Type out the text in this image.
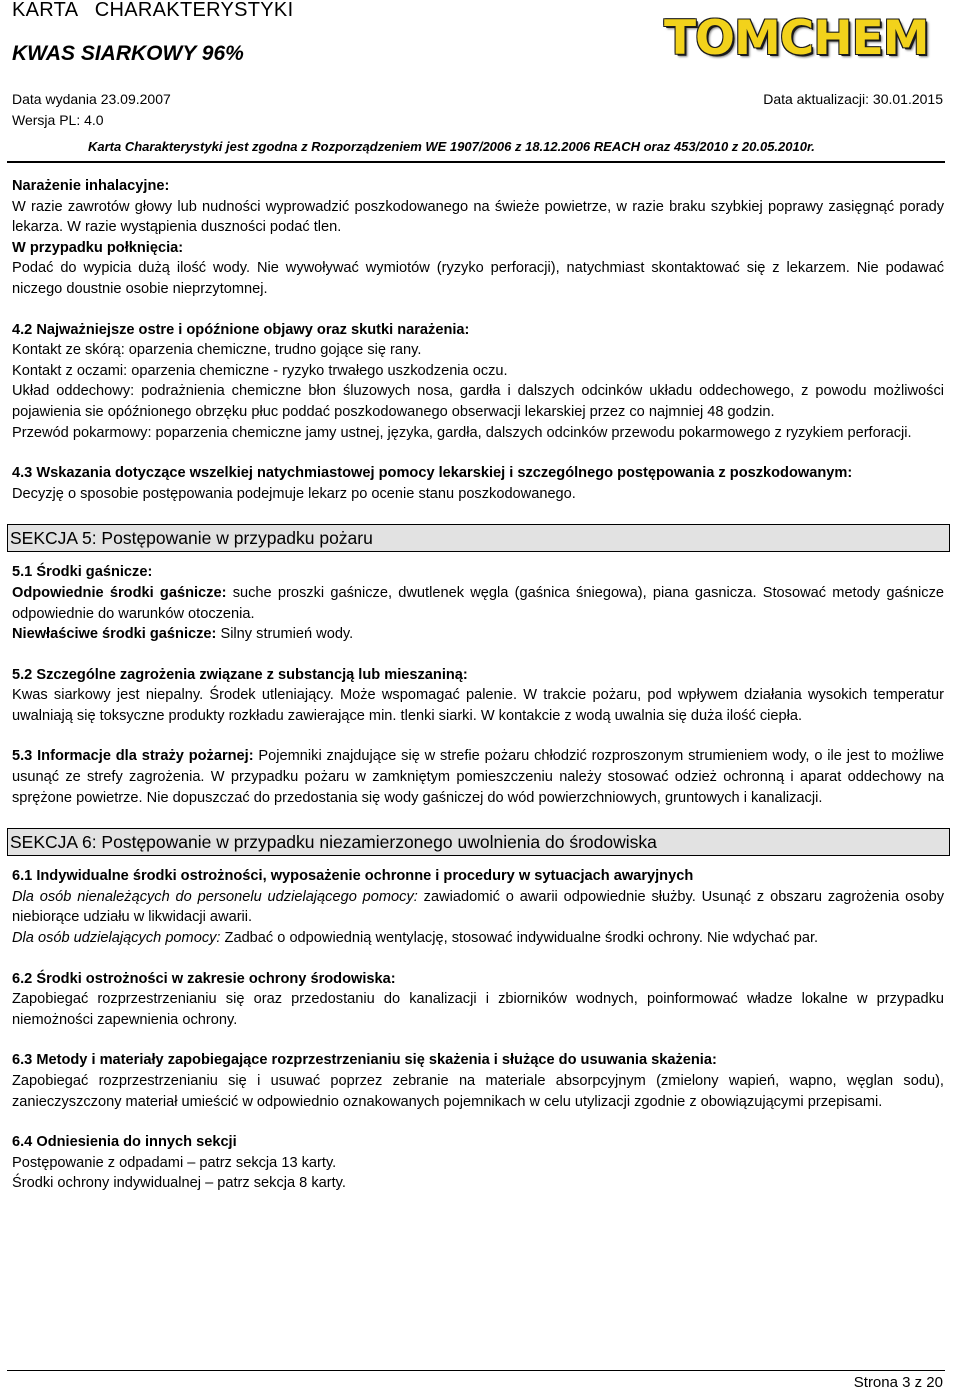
KARTA   CHARAKTERYSTYKI
KWAS SIARKOWY 96%
Data wydania 23.09.2007
Wersja PL: 4.0
Data aktualizacji: 30.01.2015
Karta Charakterystyki jest zgodna z Rozporządzeniem WE 1907/2006 z 18.12.2006 REACH oraz 453/2010 z 20.05.2010r.
TOMCHEM

Narażenie inhalacyjne:

W razie zawrotów głowy lub nudności wyprowadzić poszkodowanego na świeże powietrze, w razie braku szybkiej poprawy zasięgnąć porady lekarza. W razie wystąpienia duszności podać tlen.

W przypadku połknięcia:

Podać do wypicia dużą ilość wody. Nie wywoływać wymiotów (ryzyko perforacji), natychmiast skontaktować się z lekarzem. Nie podawać niczego doustnie osobie nieprzytomnej.

4.2 Najważniejsze ostre i opóźnione objawy oraz skutki narażenia:

Kontakt ze skórą: oparzenia chemiczne, trudno gojące się rany.

Kontakt z oczami: oparzenia chemiczne - ryzyko trwałego uszkodzenia oczu.

Układ oddechowy: podrażnienia chemiczne błon śluzowych nosa, gardła i dalszych odcinków układu oddechowego, z powodu możliwości pojawienia sie opóźnionego obrzęku płuc poddać poszkodowanego obserwacji lekarskiej przez co najmniej 48 godzin.

Przewód pokarmowy: poparzenia chemiczne jamy ustnej, języka, gardła, dalszych odcinków przewodu pokarmowego z ryzykiem perforacji.

4.3 Wskazania dotyczące wszelkiej natychmiastowej pomocy lekarskiej i szczególnego postępowania z poszkodowanym:

Decyzję o sposobie postępowania podejmuje lekarz po ocenie stanu poszkodowanego.

SEKCJA 5: Postępowanie w przypadku pożaru

5.1 Środki gaśnicze:

Odpowiednie środki gaśnicze: suche proszki gaśnicze, dwutlenek węgla (gaśnica śniegowa), piana gasnicza. Stosować metody gaśnicze odpowiednie do warunków otoczenia.

Niewłaściwe środki gaśnicze: Silny strumień wody.

5.2 Szczególne zagrożenia związane z substancją lub mieszaniną:

Kwas siarkowy jest niepalny. Środek utleniający. Może wspomagać palenie. W trakcie pożaru, pod wpływem działania wysokich temperatur uwalniają się toksyczne produkty rozkładu zawierające min. tlenki siarki. W kontakcie z wodą uwalnia się duża ilość ciepła.

5.3 Informacje dla straży pożarnej: Pojemniki znajdujące się w strefie pożaru chłodzić rozproszonym strumieniem wody, o ile jest to możliwe usunąć ze strefy zagrożenia. W przypadku pożaru w zamkniętym pomieszczeniu należy stosować odzież ochronną i aparat oddechowy na sprężone powietrze. Nie dopuszczać do przedostania się wody gaśniczej do wód powierzchniowych, gruntowych i kanalizacji.

SEKCJA 6: Postępowanie w przypadku niezamierzonego uwolnienia do środowiska

6.1 Indywidualne środki ostrożności, wyposażenie ochronne i procedury w sytuacjach awaryjnych

Dla osób nienależących do personelu udzielającego pomocy: zawiadomić o awarii odpowiednie służby. Usunąć z obszaru zagrożenia osoby niebiorące udziału w likwidacji awarii.

Dla osób udzielających pomocy: Zadbać o odpowiednią wentylację, stosować indywidualne środki ochrony. Nie wdychać par.

6.2 Środki ostrożności w zakresie ochrony środowiska:

Zapobiegać rozprzestrzenianiu się oraz przedostaniu do kanalizacji i zbiorników wodnych, poinformować władze lokalne w przypadku niemożności zapewnienia ochrony.

6.3 Metody i materiały zapobiegające rozprzestrzenianiu się skażenia i służące do usuwania skażenia:

Zapobiegać rozprzestrzenianiu się i usuwać poprzez zebranie na materiale absorpcyjnym (zmielony wapień, wapno, węglan sodu), zanieczyszczony materiał umieścić w odpowiednio oznakowanych pojemnikach w celu utylizacji zgodnie z obowiązującymi przepisami.

6.4 Odniesienia do innych sekcji

Postępowanie z odpadami – patrz sekcja 13 karty.

Środki ochrony indywidualnej – patrz sekcja 8 karty.

Strona 3 z 20
